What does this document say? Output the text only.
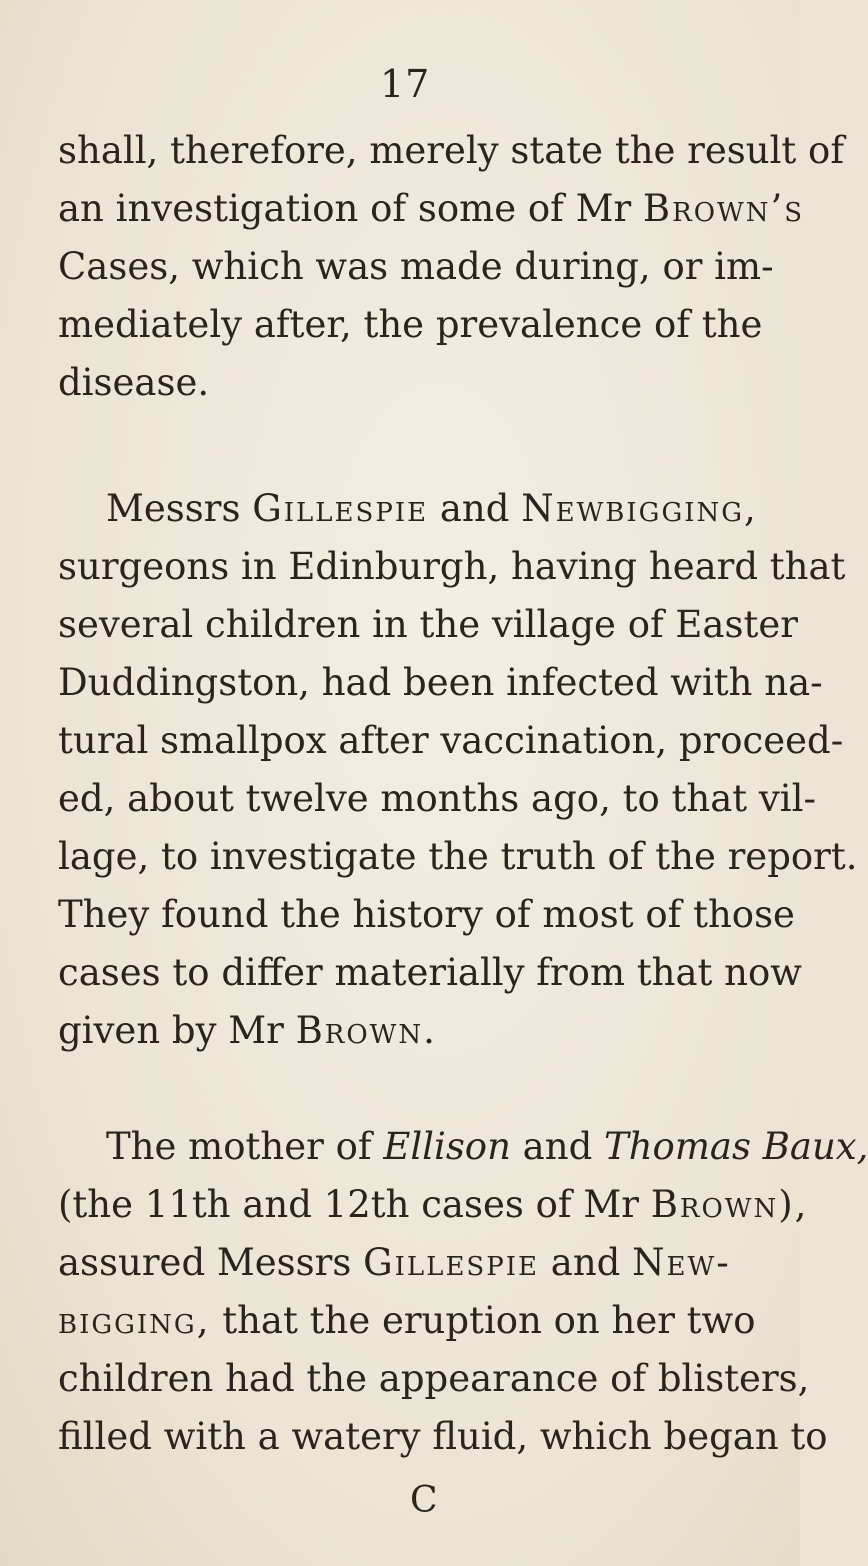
17
shall, therefore, merely state the result of
an investigation of some of Mr Brown’s
Cases, which was made during, or im-
mediately after, the prevalence of the
disease.
Messrs Gillespie and Newbigging,
surgeons in Edinburgh, having heard that
several children in the village of Easter
Duddingston, had been infected with na-
tural smallpox after vaccination, proceed-
ed, about twelve months ago, to that vil-
lage, to investigate the truth of the report.
They found the history of most of those
cases to differ materially from that now
given by Mr Brown.
The mother of Ellison and Thomas Baux,
(the 11th and 12th cases of Mr Brown),
assured Messrs Gillespie and New-
bigging, that the eruption on her two
children had the appearance of blisters,
filled with a watery fluid, which began to
C
